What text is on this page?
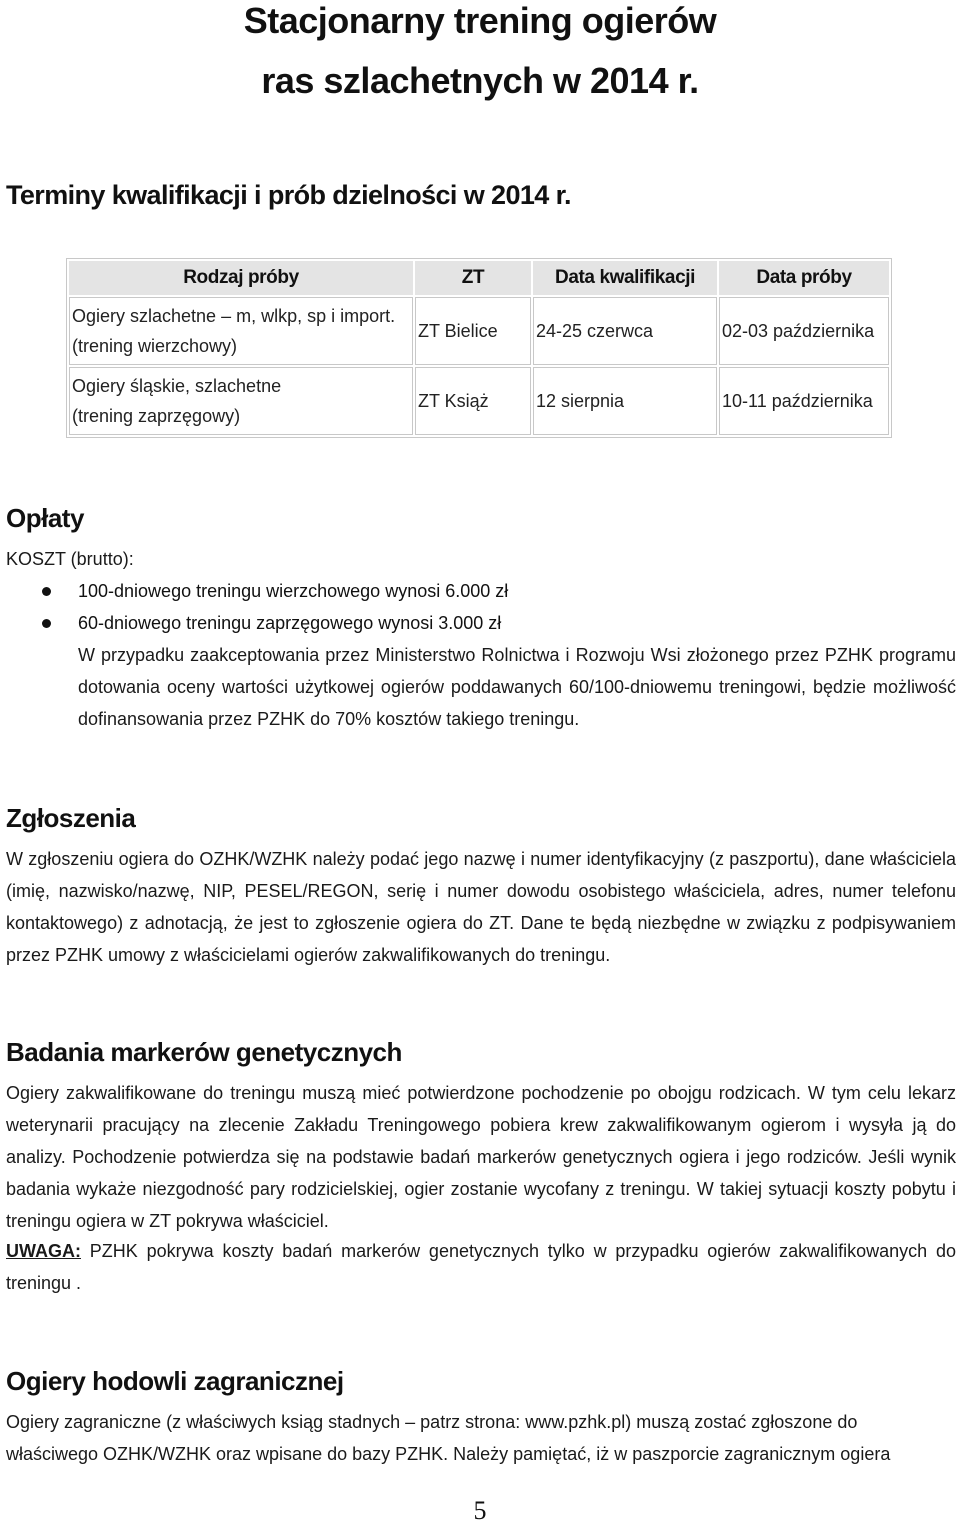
Stacjonarny trening ogierów
ras szlachetnych w 2014 r.
Terminy kwalifikacji i prób dzielności w 2014 r.
Rodzaj próby	ZT	Data kwalifikacji	Data próby

Ogiery szlachetne – m, wlkp, sp i import.
(trening wierzchowy)	ZT Bielice	24-25 czerwca	02-03 października

Ogiery śląskie, szlachetne
(trening zaprzęgowy)	ZT Książ	12 sierpnia	10-11 października
Opłaty

KOSZT (brutto):

100-dniowego treningu wierzchowego wynosi 6.000 zł
60-dniowego treningu zaprzęgowego wynosi 3.000 zł

W przypadku zaakceptowania przez Ministerstwo Rolnictwa i Rozwoju Wsi złożonego przez PZHK programu dotowania oceny wartości użytkowej ogierów poddawanych 60/100-dniowemu treningowi, będzie możliwość dofinansowania przez PZHK do 70% kosztów takiego treningu.

Zgłoszenia

W zgłoszeniu ogiera do OZHK/WZHK należy podać jego nazwę i numer identyfikacyjny (z paszportu), dane właściciela (imię, nazwisko/nazwę, NIP, PESEL/REGON, serię i numer dowodu osobistego właściciela, adres, numer telefonu kontaktowego) z adnotacją, że jest to zgłoszenie ogiera do ZT. Dane te będą niezbędne w związku z podpisywaniem przez PZHK umowy z właścicielami ogierów zakwalifikowanych do treningu.

Badania markerów genetycznych

Ogiery zakwalifikowane do treningu muszą mieć potwierdzone pochodzenie po obojgu rodzicach. W tym celu lekarz weterynarii pracujący na zlecenie Zakładu Treningowego pobiera krew zakwalifikowanym ogierom i wysyła ją do analizy. Pochodzenie potwierdza się na podstawie badań markerów genetycznych ogiera i jego rodziców. Jeśli wynik badania wykaże niezgodność pary rodzicielskiej, ogier zostanie wycofany z treningu. W takiej sytuacji koszty pobytu i treningu ogiera w ZT pokrywa właściciel.

UWAGA: PZHK pokrywa koszty badań markerów genetycznych tylko w przypadku ogierów zakwalifikowanych do treningu .

Ogiery hodowli zagranicznej

Ogiery zagraniczne (z właściwych ksiąg stadnych – patrz strona: www.pzhk.pl) muszą zostać zgłoszone do właściwego OZHK/WZHK oraz wpisane do bazy PZHK. Należy pamiętać, iż w paszporcie zagranicznym ogiera

5
